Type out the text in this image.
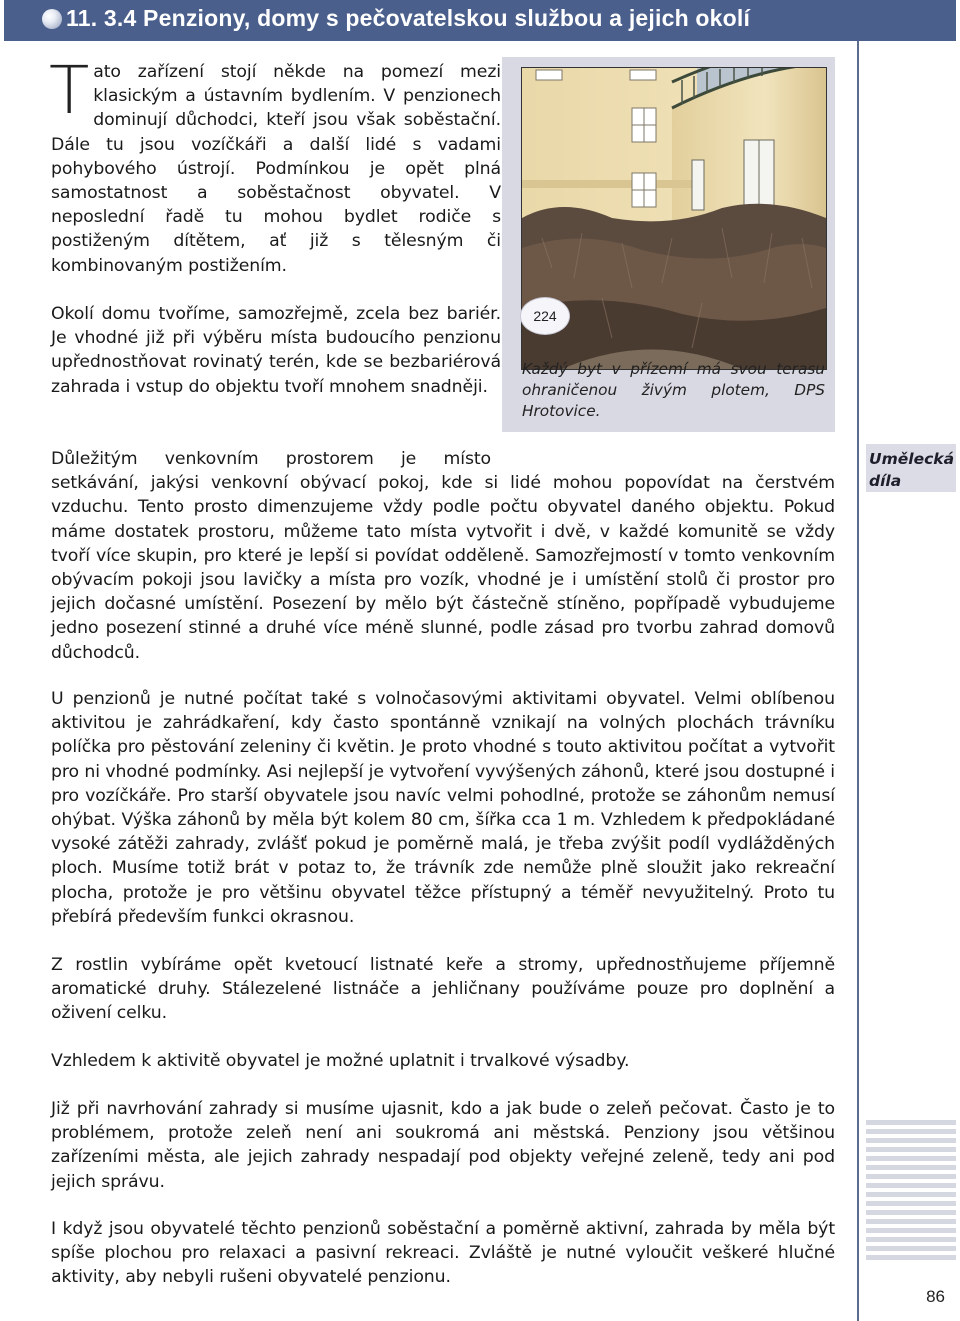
11. 3.4 Penziony, domy s pečovatelskou službou a jejich okolí

Tato zařízení stojí někde na pomezí mezi klasickým a ústavním bydlením. V penzionech dominují důchodci, kteří jsou však soběstační. Dále tu jsou vozíčkáři a další lidé s vadami pohybového ústrojí. Podmínkou je opět plná samostatnost a soběstačnost obyvatel. V neposlední řadě tu mohou bydlet rodiče s postiženým dítětem, ať již s tělesným či kombinovaným postižením.

Okolí domu tvoříme, samozřejmě, zcela bez bariér. Je vhodné již při výběru místa budoucího penzionu upřednostňovat rovinatý terén, kde se bezbariérová zahrada i vstup do objektu tvoří mnohem snadněji.

224

Každý byt v přízemí má svou terasu ohraničenou živým plotem, DPS Hrotovice.

Důležitým venkovním prostorem je místo
setkávání, jakýsi venkovní obývací pokoj, kde si lidé mohou popovídat na čerstvém vzduchu. Tento prosto dimenzujeme vždy podle počtu obyvatel daného objektu. Pokud máme dostatek prostoru, můžeme tato místa vytvořit i dvě, v každé komunitě se vždy tvoří více skupin, pro které je lepší si povídat odděleně. Samozřejmostí v tomto venkovním obývacím pokoji jsou lavičky a místa pro vozík, vhodné je i umístění stolů či prostor pro jejich dočasné umístění. Posezení by mělo být částečně stíněno, popřípadě vybudujeme jedno posezení stinné a druhé více méně slunné, podle zásad pro tvorbu zahrad domovů důchodců.

U penzionů je nutné počítat také s volnočasovými aktivitami obyvatel. Velmi oblíbenou aktivitou je zahrádkaření, kdy často spontánně vznikají na volných plochách trávníku políčka pro pěstování zeleniny či květin. Je proto vhodné s touto aktivitou počítat a vytvořit pro ni vhodné podmínky. Asi nejlepší je vytvoření vyvýšených záhonů, které jsou dostupné i pro vozíčkáře. Pro starší obyvatele jsou navíc velmi pohodlné, protože se záhonům nemusí ohýbat. Výška záhonů by měla být kolem 80 cm, šířka cca 1 m. Vzhledem k předpokládané vysoké zátěži zahrady, zvlášť pokud je poměrně malá, je třeba zvýšit podíl vydlážděných ploch. Musíme totiž brát v potaz to, že trávník zde nemůže plně sloužit jako rekreační plocha, protože je pro většinu obyvatel těžce přístupný a téměř nevyužitelný. Proto tu přebírá především funkci okrasnou.

Z rostlin vybíráme opět kvetoucí listnaté keře a stromy, upřednostňujeme příjemně aromatické druhy. Stálezelené listnáče a jehličnany používáme pouze pro doplnění a oživení celku.

Vzhledem k aktivitě obyvatel je možné uplatnit i trvalkové výsadby.

Již při navrhování zahrady si musíme ujasnit, kdo a jak bude o zeleň pečovat. Často je to problémem, protože zeleň není ani soukromá ani městská. Penziony jsou většinou zařízeními města, ale jejich zahrady nespadají pod objekty veřejné zeleně, tedy ani pod jejich správu.

I když jsou obyvatelé těchto penzionů soběstační a poměrně aktivní, zahrada by měla být spíše plochou pro relaxaci a pasivní rekreaci. Zvláště je nutné vyloučit veškeré hlučné aktivity, aby nebyli rušeni obyvatelé penzionu.

Umělecká díla
86
